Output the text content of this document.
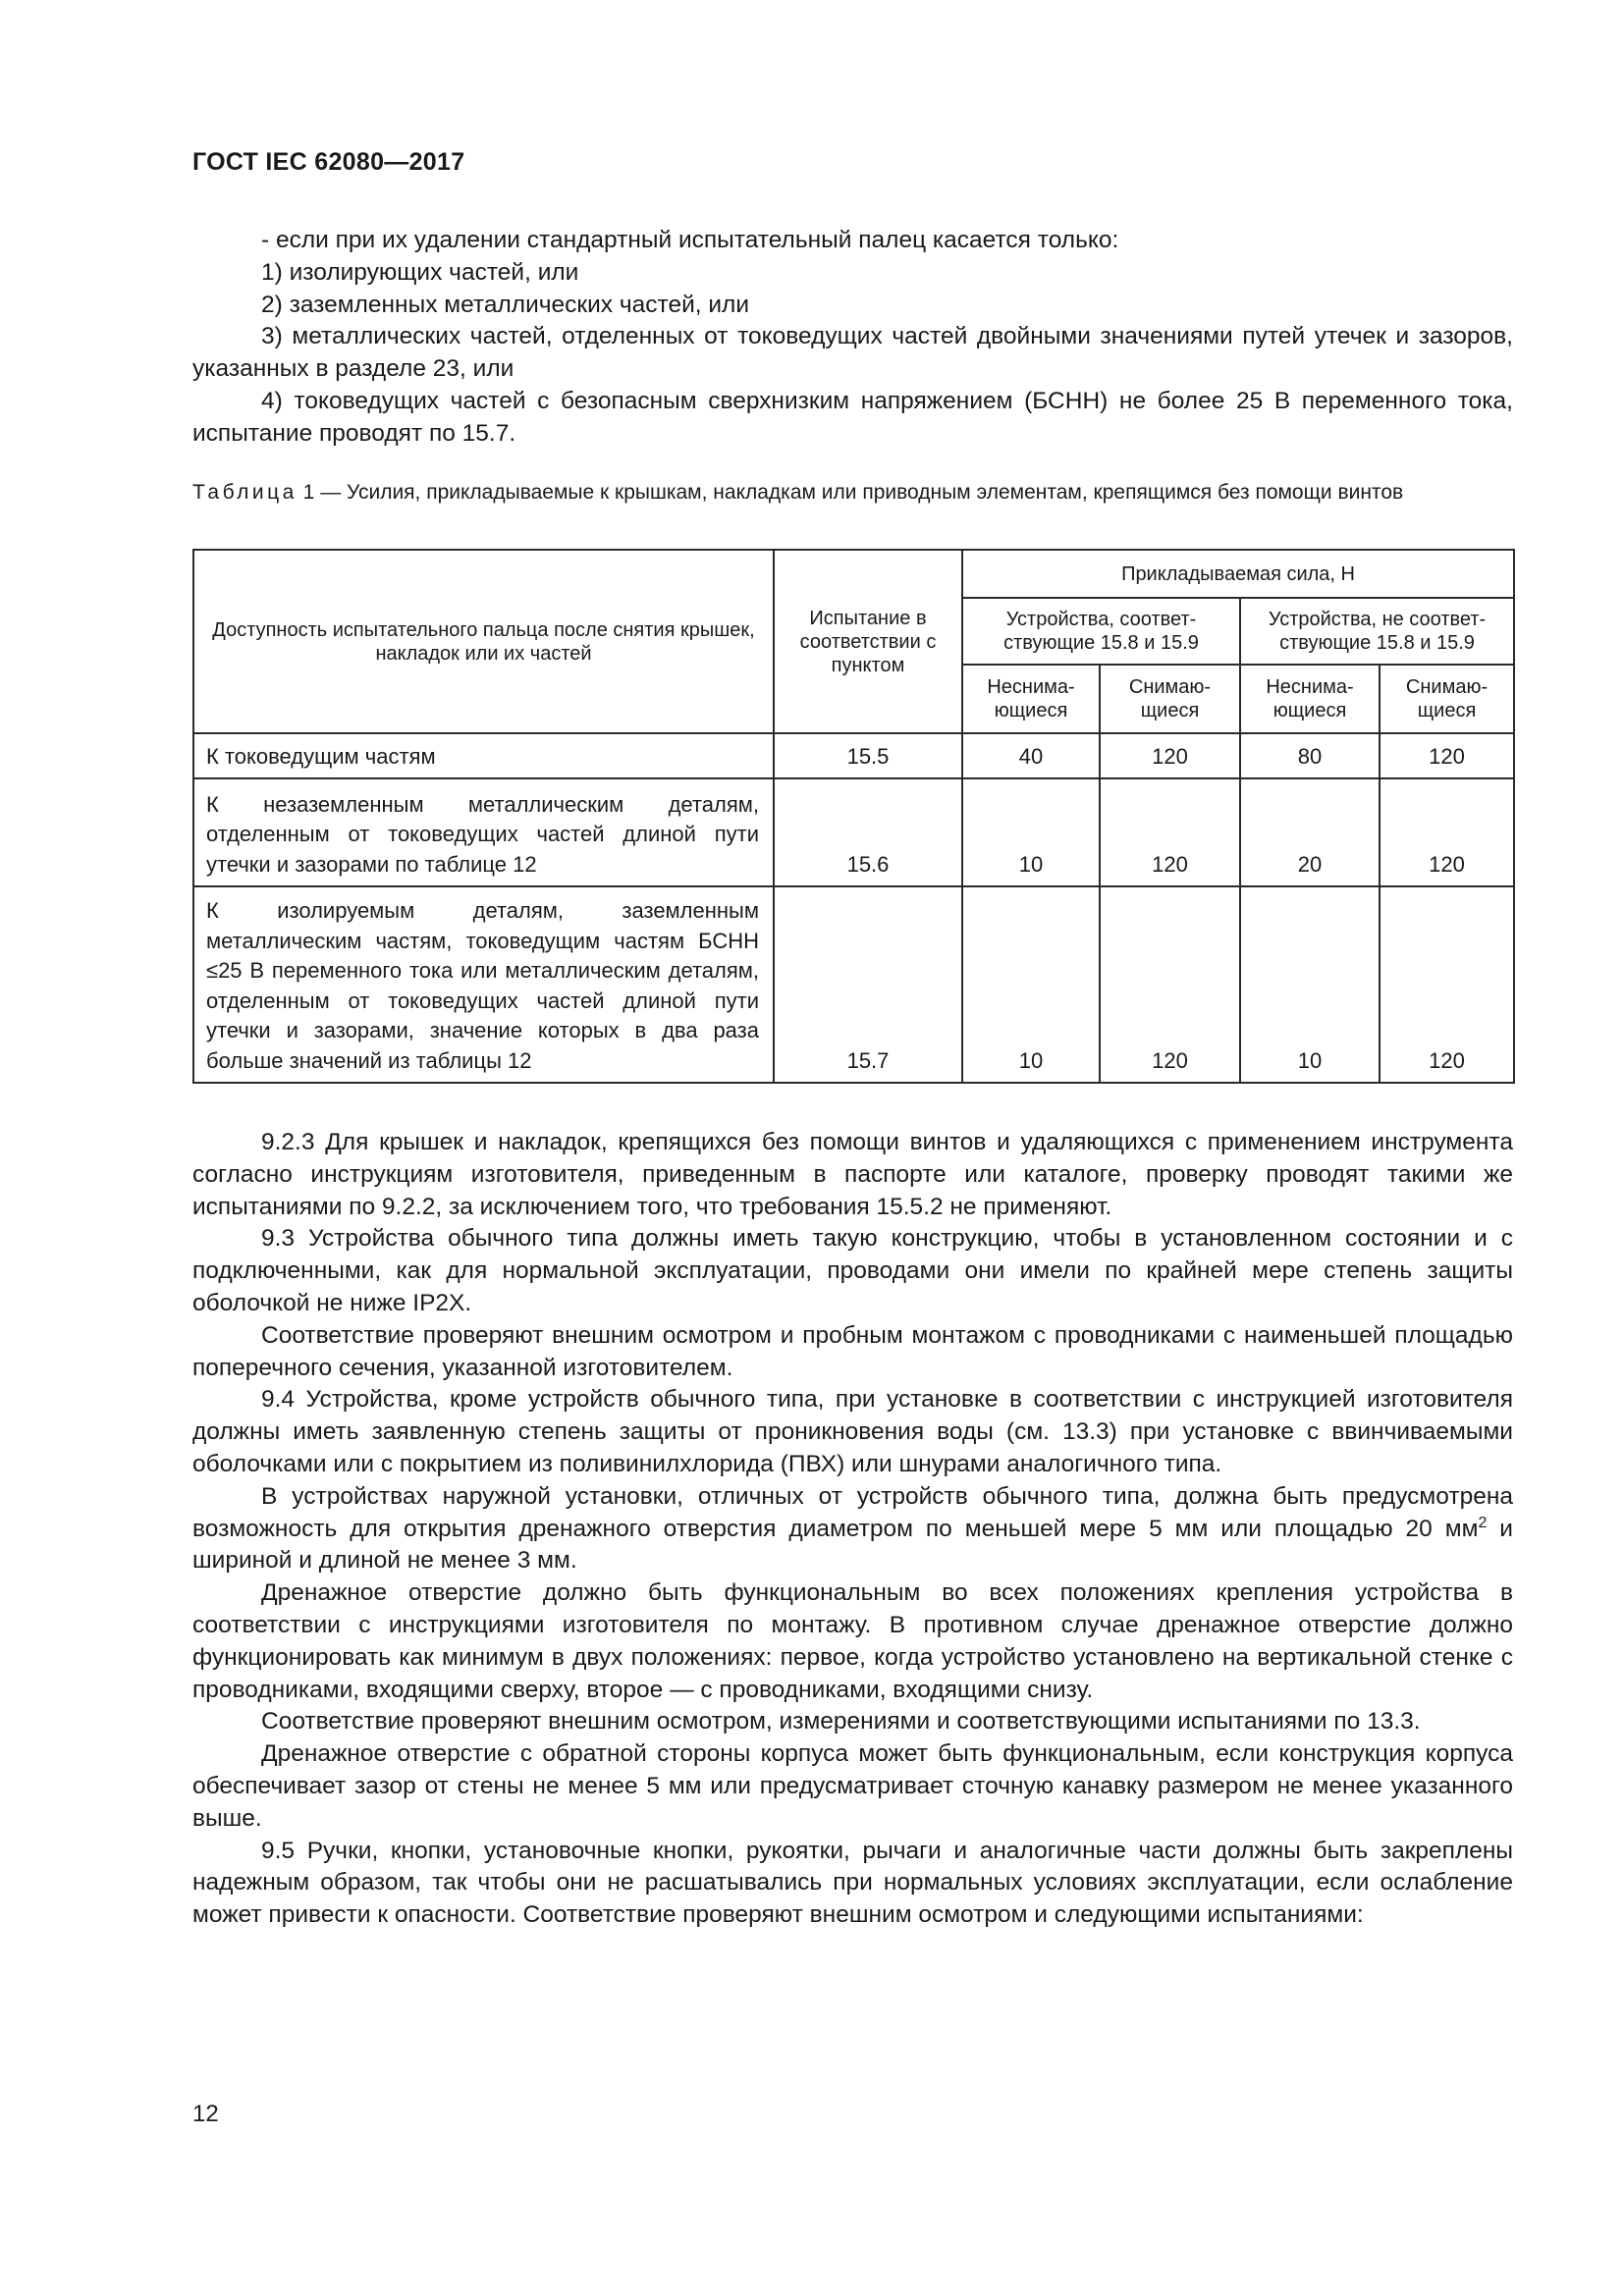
ГОСТ IEC 62080—2017

- если при их удалении стандартный испытательный палец касается только:

1) изолирующих частей, или

2) заземленных металлических частей, или

3) металлических частей, отделенных от токоведущих частей двойными значениями путей утечек и зазоров, указанных в разделе 23, или

4) токоведущих частей с безопасным сверхнизким напряжением (БСНН) не более 25 В переменного тока, испытание проводят по 15.7.

Таблица 1 — Усилия, прикладываемые к крышкам, накладкам или приводным элементам, крепящимся без помощи винтов
Доступность испытательного пальца после снятия крышек, накладок или их частей	Испытание в соответствии с пунктом	Прикладываемая сила, Н			
		Устройства, соответ-ствующие 15.8 и 15.9		Устройства, не соответ-ствующие 15.8 и 15.9	
		Неснима-ющиеся	Снимаю-щиеся	Неснима-ющиеся	Снимаю-щиеся
К токоведущим частям	15.5	40	120	80	120
К незаземленным металлическим деталям, отделенным от токоведущих частей длиной пути утечки и зазорами по таблице 12	15.6	10	120	20	120
К изолируемым деталям, заземленным металлическим частям, токоведущим частям БСНН ≤25 В переменного тока или металлическим деталям, отделенным от токоведущих частей длиной пути утечки и зазорами, значение которых в два раза больше значений из таблицы 12	15.7	10	120	10	120

9.2.3 Для крышек и накладок, крепящихся без помощи винтов и удаляющихся с применением инструмента согласно инструкциям изготовителя, приведенным в паспорте или каталоге, проверку проводят такими же испытаниями по 9.2.2, за исключением того, что требования 15.5.2 не применяют.

9.3 Устройства обычного типа должны иметь такую конструкцию, чтобы в установленном состоянии и с подключенными, как для нормальной эксплуатации, проводами они имели по крайней мере степень защиты оболочкой не ниже IP2X.

Соответствие проверяют внешним осмотром и пробным монтажом с проводниками с наименьшей площадью поперечного сечения, указанной изготовителем.

9.4 Устройства, кроме устройств обычного типа, при установке в соответствии с инструкцией изготовителя должны иметь заявленную степень защиты от проникновения воды (см. 13.3) при установке с ввинчиваемыми оболочками или с покрытием из поливинилхлорида (ПВХ) или шнурами аналогичного типа.

В устройствах наружной установки, отличных от устройств обычного типа, должна быть предусмотрена возможность для открытия дренажного отверстия диаметром по меньшей мере 5 мм или площадью 20 $мм^2$ и шириной и длиной не менее 3 мм.

Дренажное отверстие должно быть функциональным во всех положениях крепления устройства в соответствии с инструкциями изготовителя по монтажу. В противном случае дренажное отверстие должно функционировать как минимум в двух положениях: первое, когда устройство установлено на вертикальной стенке с проводниками, входящими сверху, второе — с проводниками, входящими снизу.

Соответствие проверяют внешним осмотром, измерениями и соответствующими испытаниями по 13.3.

Дренажное отверстие с обратной стороны корпуса может быть функциональным, если конструкция корпуса обеспечивает зазор от стены не менее 5 мм или предусматривает сточную канавку размером не менее указанного выше.

9.5 Ручки, кнопки, установочные кнопки, рукоятки, рычаги и аналогичные части должны быть закреплены надежным образом, так чтобы они не расшатывались при нормальных условиях эксплуатации, если ослабление может привести к опасности. Соответствие проверяют внешним осмотром и следующими испытаниями:

12
